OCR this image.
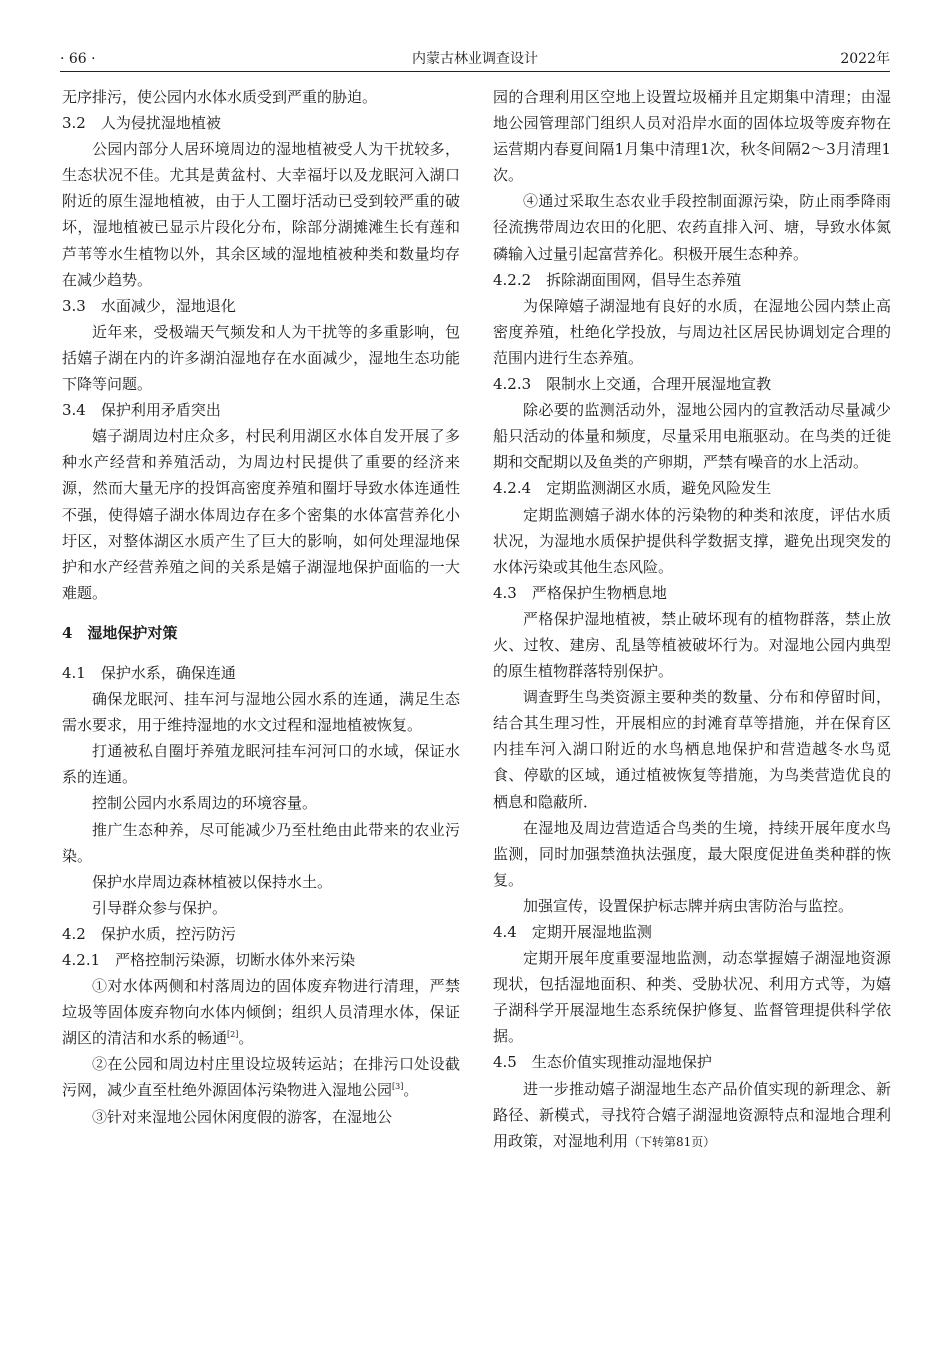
· 66 ·	内蒙古林业调查设计	2022年

无序排污，使公园内水体水质受到严重的胁迫。

3.2　人为侵扰湿地植被

公园内部分人居环境周边的湿地植被受人为干扰较多，生态状况不佳。尤其是黄盆村、大幸福圩以及龙眠河入湖口附近的原生湿地植被，由于人工圈圩活动已受到较严重的破坏，湿地植被已显示片段化分布，除部分湖摊滩生长有莲和芦苇等水生植物以外，其余区域的湿地植被种类和数量均存在减少趋势。

3.3　水面减少，湿地退化

近年来，受极端天气频发和人为干扰等的多重影响，包括嬉子湖在内的许多湖泊湿地存在水面减少，湿地生态功能下降等问题。

3.4　保护利用矛盾突出

嬉子湖周边村庄众多，村民利用湖区水体自发开展了多种水产经营和养殖活动，为周边村民提供了重要的经济来源，然而大量无序的投饵高密度养殖和圈圩导致水体连通性不强，使得嬉子湖水体周边存在多个密集的水体富营养化小圩区，对整体湖区水质产生了巨大的影响，如何处理湿地保护和水产经营养殖之间的关系是嬉子湖湿地保护面临的一大难题。

4　湿地保护对策

4.1　保护水系，确保连通

确保龙眠河、挂车河与湿地公园水系的连通，满足生态需水要求，用于维持湿地的水文过程和湿地植被恢复。

打通被私自圈圩养殖龙眠河挂车河河口的水域，保证水系的连通。

控制公园内水系周边的环境容量。

推广生态种养，尽可能减少乃至杜绝由此带来的农业污染。

保护水岸周边森林植被以保持水土。

引导群众参与保护。

4.2　保护水质，控污防污

4.2.1　严格控制污染源，切断水体外来污染

①对水体两侧和村落周边的固体废弃物进行清理，严禁垃圾等固体废弃物向水体内倾倒；组织人员清理水体，保证湖区的清洁和水系的畅通[2]。

②在公园和周边村庄里设垃圾转运站；在排污口处设截污网，减少直至杜绝外源固体污染物进入湿地公园[3]。

③针对来湿地公园休闲度假的游客，在湿地公

园的合理利用区空地上设置垃圾桶并且定期集中清理；由湿地公园管理部门组织人员对沿岸水面的固体垃圾等废弃物在运营期内春夏间隔1月集中清理1次，秋冬间隔2～3月清理1次。

④通过采取生态农业手段控制面源污染，防止雨季降雨径流携带周边农田的化肥、农药直排入河、塘，导致水体氮磷输入过量引起富营养化。积极开展生态种养。

4.2.2　拆除湖面围网，倡导生态养殖

为保障嬉子湖湿地有良好的水质，在湿地公园内禁止高密度养殖，杜绝化学投放，与周边社区居民协调划定合理的范围内进行生态养殖。

4.2.3　限制水上交通，合理开展湿地宣教

除必要的监测活动外，湿地公园内的宣教活动尽量减少船只活动的体量和频度，尽量采用电瓶驱动。在鸟类的迁徙期和交配期以及鱼类的产卵期，严禁有噪音的水上活动。

4.2.4　定期监测湖区水质，避免风险发生

定期监测嬉子湖水体的污染物的种类和浓度，评估水质状况，为湿地水质保护提供科学数据支撑，避免出现突发的水体污染或其他生态风险。

4.3　严格保护生物栖息地

严格保护湿地植被，禁止破坏现有的植物群落，禁止放火、过牧、建房、乱垦等植被破坏行为。对湿地公园内典型的原生植物群落特别保护。

调查野生鸟类资源主要种类的数量、分布和停留时间，结合其生理习性，开展相应的封滩育草等措施，并在保育区内挂车河入湖口附近的水鸟栖息地保护和营造越冬水鸟觅食、停歇的区域，通过植被恢复等措施，为鸟类营造优良的栖息和隐蔽所．

在湿地及周边营造适合鸟类的生境，持续开展年度水鸟监测，同时加强禁渔执法强度，最大限度促进鱼类种群的恢复。

加强宣传，设置保护标志牌并病虫害防治与监控。

4.4　定期开展湿地监测

定期开展年度重要湿地监测，动态掌握嬉子湖湿地资源现状，包括湿地面积、种类、受胁状况、利用方式等，为嬉子湖科学开展湿地生态系统保护修复、监督管理提供科学依据。

4.5　生态价值实现推动湿地保护

进一步推动嬉子湖湿地生态产品价值实现的新理念、新路径、新模式，寻找符合嬉子湖湿地资源特点和湿地合理利用政策，对湿地利用（下转第81页）
